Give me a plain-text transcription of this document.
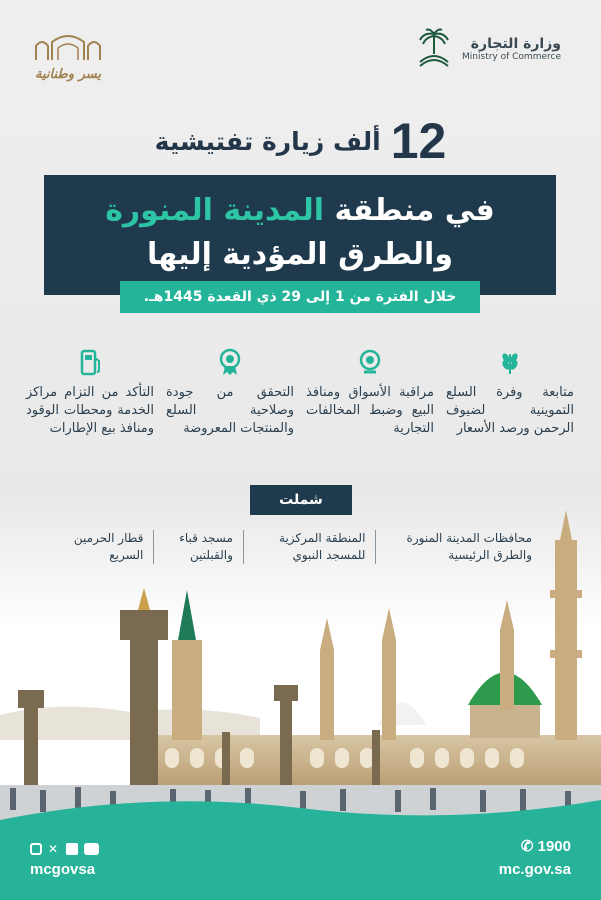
وزارة التجارة
Ministry of Commerce
يسر وطنانية
12
ألف زيارة تفتيشية
في منطقة المدينة المنورة
والطرق المؤدية إليها
خلال الفترة من 1 إلى 29 ذي القعدة 1445هـ.
متابعة وفرة السلع التموينية لضيوف الرحمن ورصد الأسعار
مراقبة الأسواق ومنافذ البيع وضبط المخالفات التجارية
التحقق من جودة وصلاحية السلع والمنتجات المعروضة
التأكد من التزام مراكز الخدمة ومحطات الوقود ومنافذ بيع الإطارات
شملت
محافظات المدينة المنورة والطرق الرئيسية
المنطقة المركزية للمسجد النبوي
مسجد قباء والقبلتين
قطار الحرمين السريع
✕
mcgovsa
✆ 1900
mc.gov.sa
